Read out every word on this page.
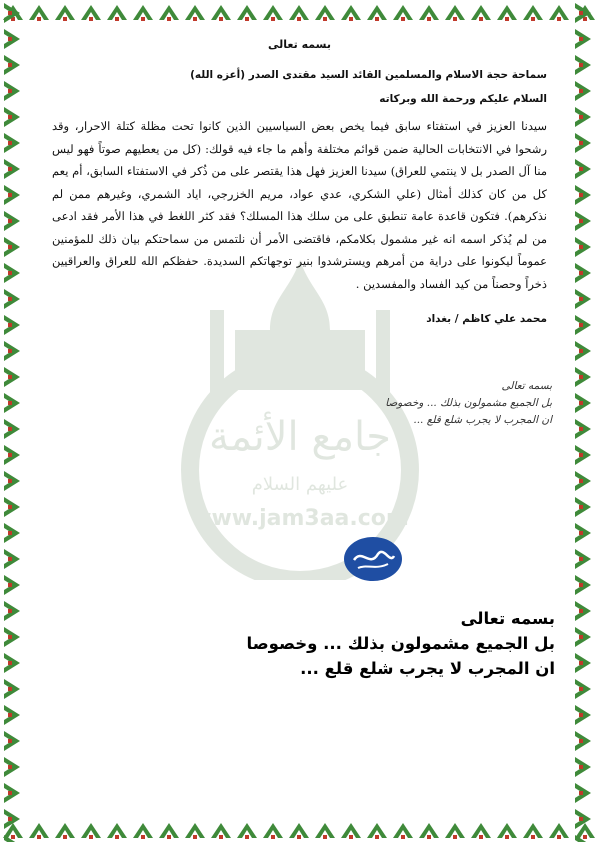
جامع الأئمة
عليهم السلام
www.jam3aa.com
بسمه تعالى
سماحة حجة الاسلام والمسلمين القائد السيد مقتدى الصدر (أعزه الله)
السلام عليكم ورحمة الله وبركاته

سيدنا العزيز في استفتاء سابق فيما يخص بعض السياسيين الذين كانوا تحت مظلة كتلة الاحرار، وقد رشحوا في الانتخابات الحالية ضمن قوائم مختلفة وأهم ما جاء فيه قولك: (كل من يعطيهم صوتاً فهو ليس منا آل الصدر بل لا ينتمي للعراق) سيدنا العزيز فهل هذا يقتصر على من ذُكر في الاستفتاء السابق، أم يعم كل من كان كذلك أمثال (علي الشكري، عدي عواد، مريم الخزرجي، اياد الشمري، وغيرهم ممن لم نذكرهم). فتكون قاعدة عامة تنطبق على من سلك هذا المسلك؟ فقد كثر اللغط في هذا الأمر فقد ادعى من لم يُذكر اسمه انه غير مشمول بكلامكم، فاقتضى الأمر أن نلتمس من سماحتكم بيان ذلك للمؤمنين عموماً ليكونوا على دراية من أمرهم ويسترشدوا بنير توجهاتكم السديدة. حفظكم الله للعراق والعراقيين ذخراً وحصناً من كيد الفساد والمفسدين .

محمد علي كاظم / بغداد
بسمه تعالى
بل الجميع مشمولون بذلك ... وخصوصا
ان المجرب لا يجرب شلع قلع ...
بسمه تعالى
بل الجميع مشمولون بذلك ... وخصوصا
ان المجرب لا يجرب شلع قلع ...
